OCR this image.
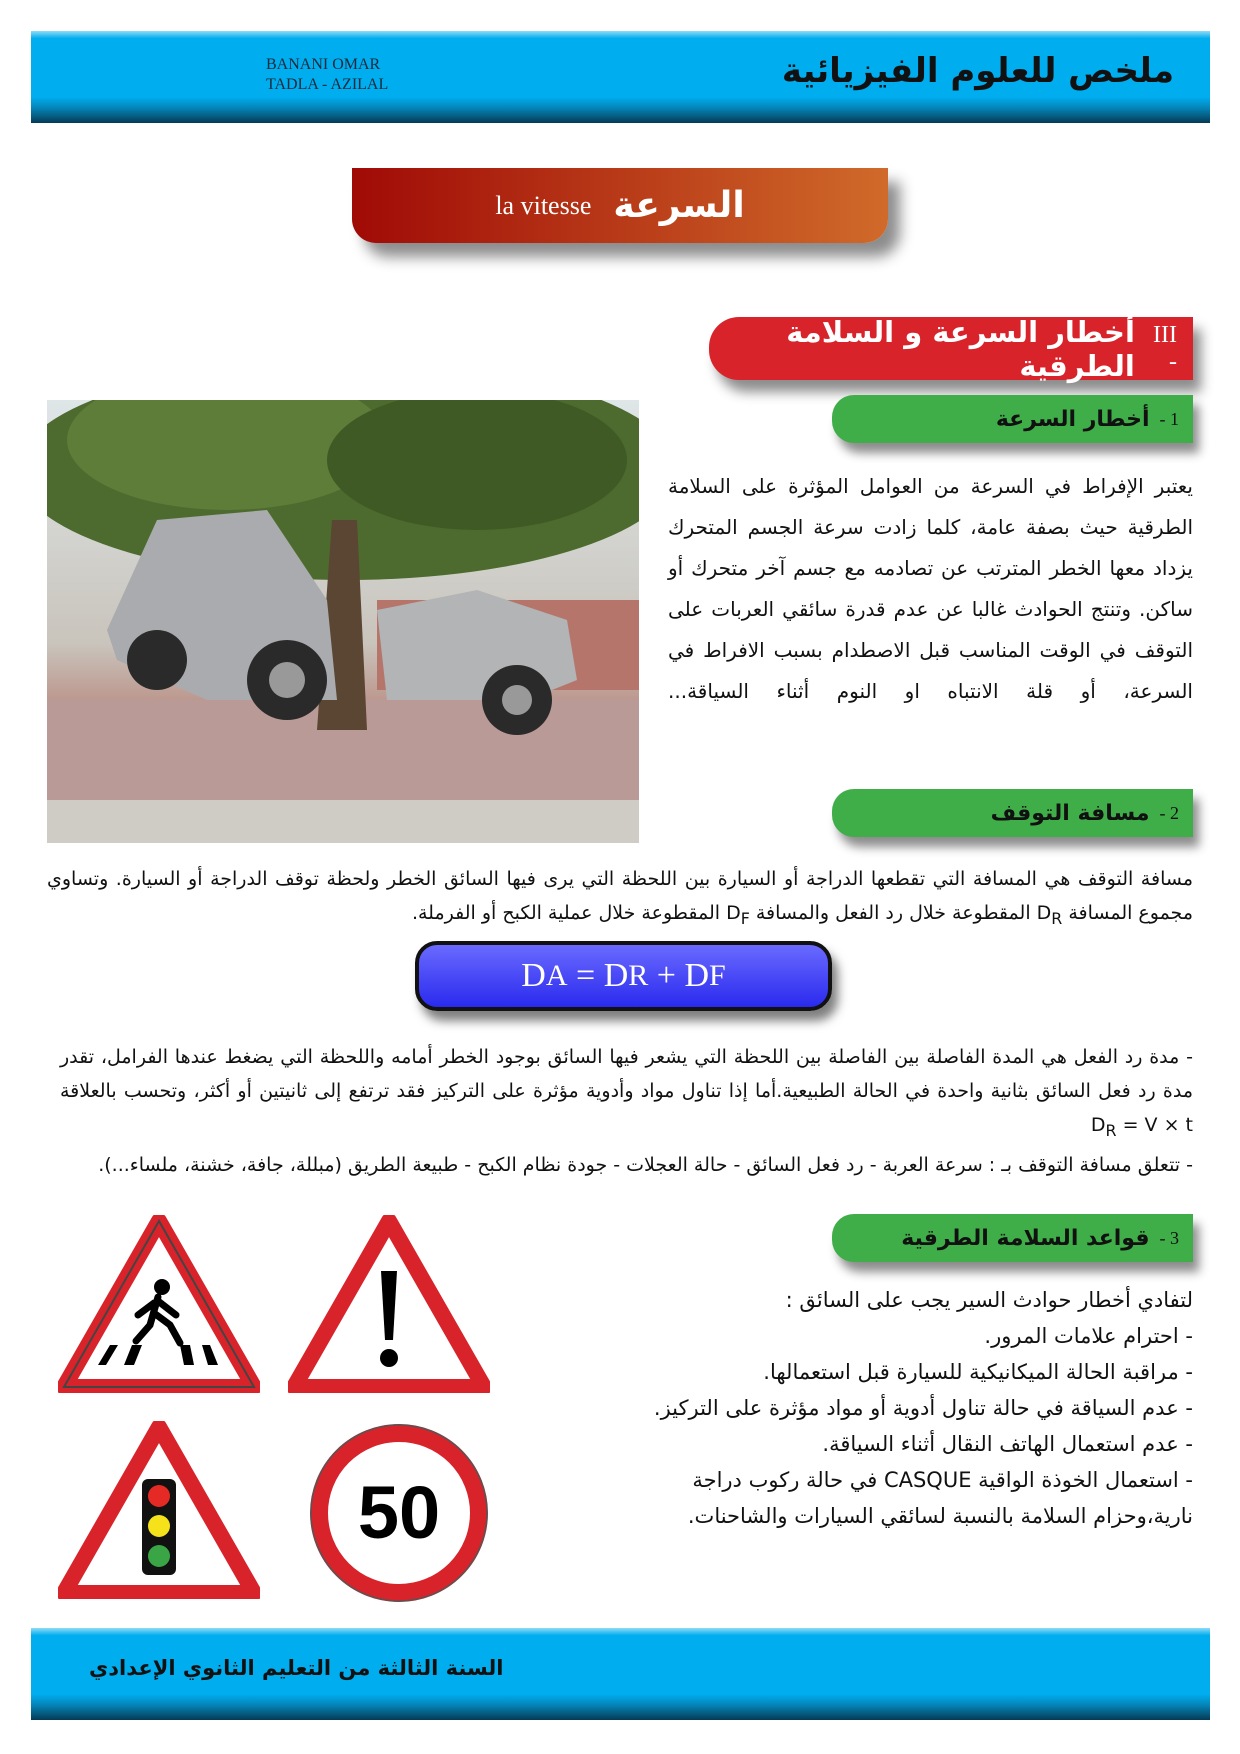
BANANI OMAR
TADLA - AZILAL	ملخص للعلوم الفيزيائية
la vitesse السرعة
III -
أخطار السرعة و السلامة الطرقية
1 -
أخطار السرعة
يعتبر الإفراط في السرعة من العوامل المؤثرة على السلامة الطرقية حيث بصفة عامة، كلما زادت سرعة الجسم المتحرك يزداد معها الخطر المترتب عن تصادمه مع جسم آخر متحرك أو ساكن. وتنتج الحوادث غالبا عن عدم قدرة سائقي العربات على التوقف في الوقت المناسب قبل الاصطدام بسبب الافراط في السرعة، أو قلة الانتباه او النوم أثناء السياقة...
2 -
مسافة التوقف
مسافة التوقف هي المسافة التي تقطعها الدراجة أو السيارة بين اللحظة التي يرى فيها السائق الخطر ولحظة توقف الدراجة أو السيارة. وتساوي مجموع المسافة $D_R$ المقطوعة خلال رد الفعل والمسافة $D_F$ المقطوعة خلال عملية الكبح أو الفرملة.
D A = D R + D F
- مدة رد الفعل هي المدة الفاصلة بين الفاصلة بين اللحظة التي يشعر فيها السائق بوجود الخطر أمامه واللحظة التي يضغط عندها الفرامل، تقدر مدة رد فعل السائق بثانية واحدة في الحالة الطبيعية.أما إذا تناول مواد وأدوية مؤثرة على التركيز فقد ترتفع إلى ثانيتين أو أكثر، وتحسب بالعلاقة $D_R = V \times t$
- تتعلق مسافة التوقف بـ : سرعة العربة - رد فعل السائق - حالة العجلات - جودة نظام الكبح - طبيعة الطريق (مبللة، جافة، خشنة، ملساء...).
3 -
قواعد السلامة الطرقية
لتفادي أخطار حوادث السير يجب على السائق :
- احترام علامات المرور.
- مراقبة الحالة الميكانيكية للسيارة قبل استعمالها.
- عدم السياقة في حالة تناول أدوية أو مواد مؤثرة على التركيز.
- عدم استعمال الهاتف النقال أثناء السياقة.
- استعمال الخوذة الواقية CASQUE في حالة ركوب دراجة
نارية،وحزام السلامة بالنسبة لسائقي السيارات والشاحنات.
50
السنة الثالثة من التعليم الثانوي الإعدادي
